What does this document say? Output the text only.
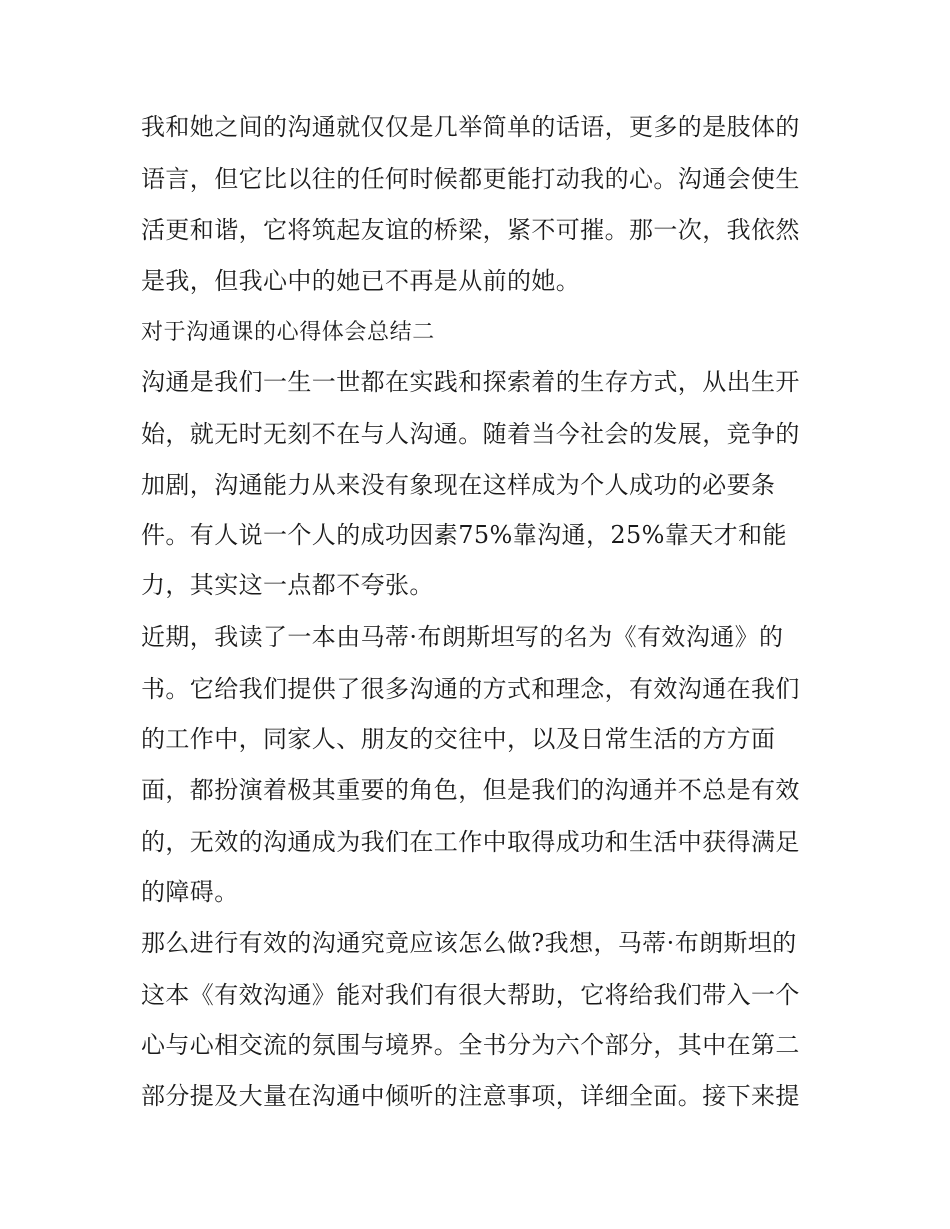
我和她之间的沟通就仅仅是几举简单的话语，更多的是肢体的
语言，但它比以往的任何时候都更能打动我的心。沟通会使生
活更和谐，它将筑起友谊的桥梁，紧不可摧。那一次，我依然
是我，但我心中的她已不再是从前的她。
对于沟通课的心得体会总结二
沟通是我们一生一世都在实践和探索着的生存方式，从出生开
始，就无时无刻不在与人沟通。随着当今社会的发展，竞争的
加剧，沟通能力从来没有象现在这样成为个人成功的必要条
件。有人说一个人的成功因素75%靠沟通，25%靠天才和能
力，其实这一点都不夸张。
近期，我读了一本由马蒂·布朗斯坦写的名为《有效沟通》的
书。它给我们提供了很多沟通的方式和理念，有效沟通在我们
的工作中，同家人、朋友的交往中，以及日常生活的方方面
面，都扮演着极其重要的角色，但是我们的沟通并不总是有效
的，无效的沟通成为我们在工作中取得成功和生活中获得满足
的障碍。
那么进行有效的沟通究竟应该怎么做?我想，马蒂·布朗斯坦的
这本《有效沟通》能对我们有很大帮助，它将给我们带入一个
心与心相交流的氛围与境界。全书分为六个部分，其中在第二
部分提及大量在沟通中倾听的注意事项，详细全面。接下来提
